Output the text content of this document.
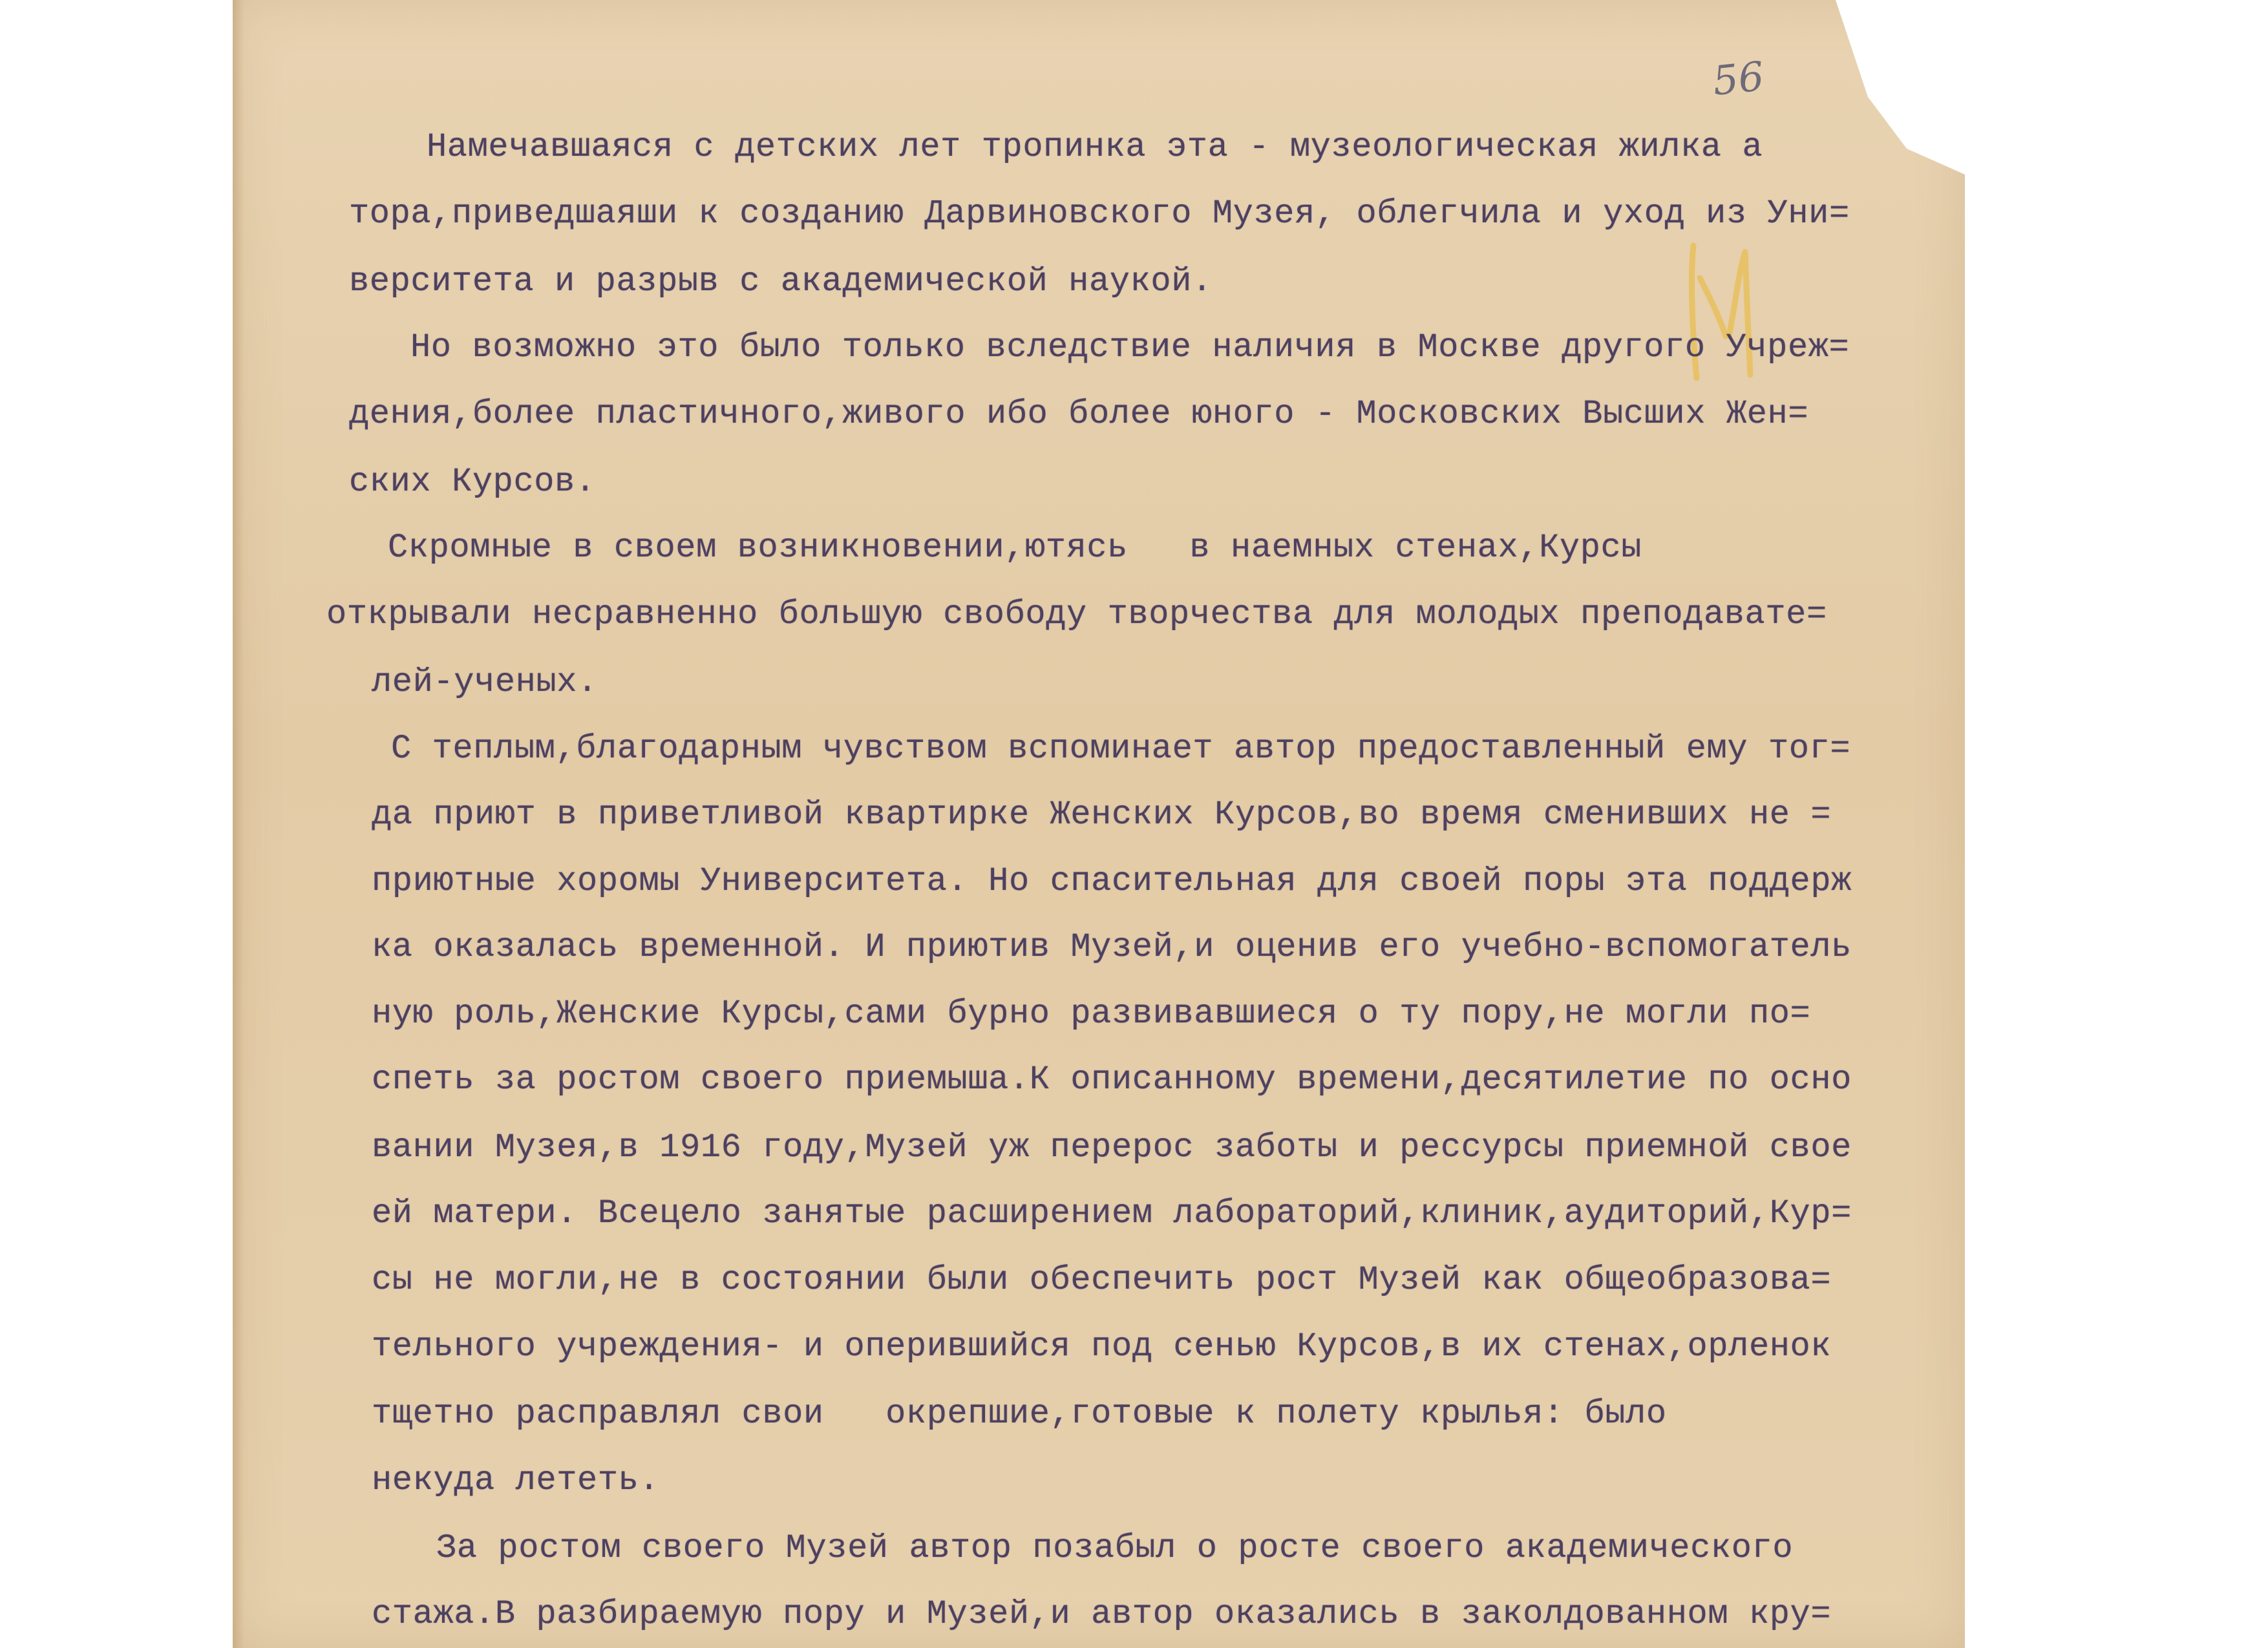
56
Намечавшаяся с детских лет тропинка эта - музеологическая жилка а
тора,приведшаяши к созданию Дарвиновского Музея, облегчила и уход из Уни=
верситета и разрыв с академической наукой.
Но возможно это было только вследствие наличия в Москве другого Учреж=
дения,более пластичного,живого ибо более юного - Московских Высших Жен=
ских Курсов.
Скромные в своем возникновении,ютясь   в наемных стенах,Курсы
открывали несравненно большую свободу творчества для молодых преподавате=
лей-ученых.
С теплым,благодарным чувством вспоминает автор предоставленный ему тог=
да приют в приветливой квартирке Женских Курсов,во время сменивших не =
приютные хоромы Университета. Но спасительная для своей поры эта поддерж
ка оказалась временной. И приютив Музей,и оценив его учебно-вспомогатель
ную роль,Женские Курсы,сами бурно развивавшиеся о ту пору,не могли по=
спеть за ростом своего приемыша.К описанному времени,десятилетие по осно
вании Музея,в 1916 году,Музей уж перерос заботы и рессурсы приемной свое
ей матери. Всецело занятые расширением лабораторий,клиник,аудиторий,Кур=
сы не могли,не в состоянии были обеспечить рост Музей как общеобразова=
тельного учреждения- и оперившийся под сенью Курсов,в их стенах,орленок
тщетно расправлял свои   окрепшие,готовые к полету крылья: было
некуда лететь.
За ростом своего Музей автор позабыл о росте своего академического
стажа.В разбираемую пору и Музей,и автор оказались в заколдованном кру=
